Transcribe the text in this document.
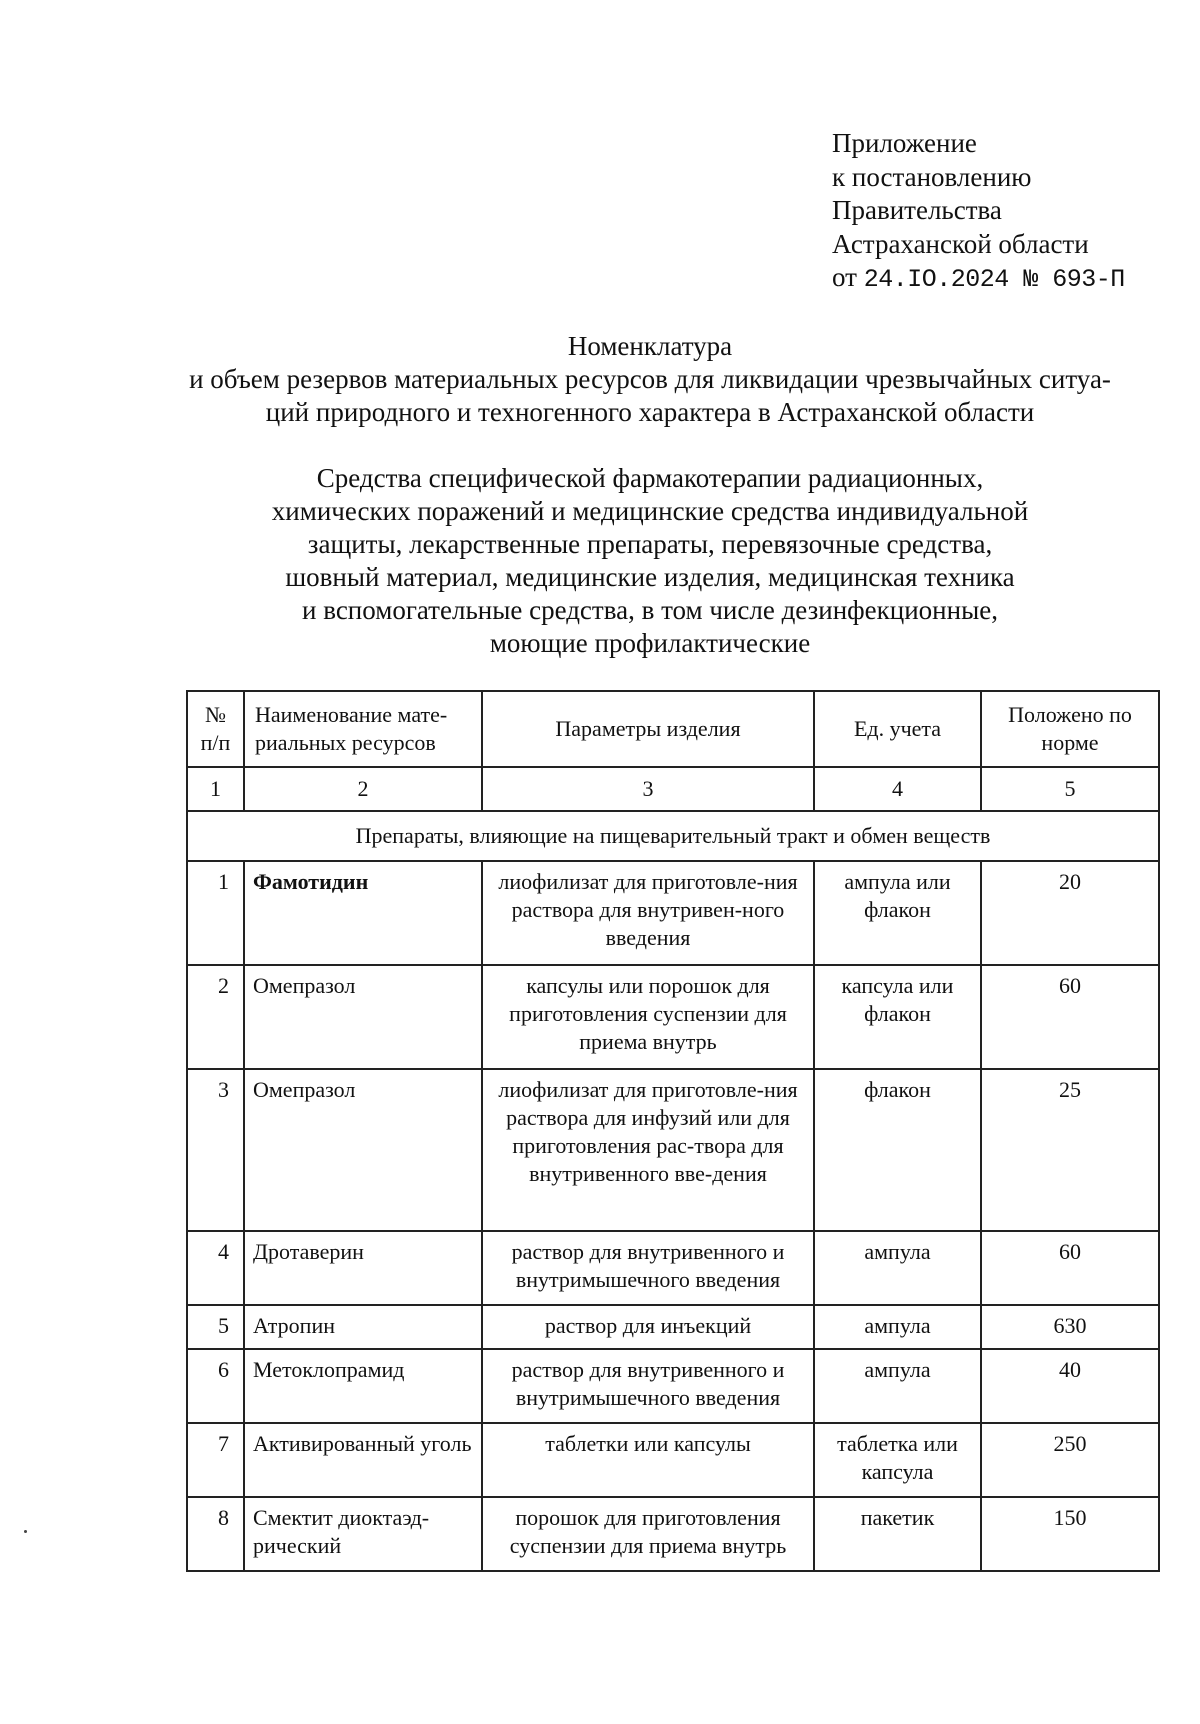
Приложение
к постановлению
Правительства
Астраханской области
от 24.IO.2024 № 693-П
Номенклатура
и объем резервов материальных ресурсов для ликвидации чрезвычайных ситуа-
ций природного и техногенного характера в Астраханской области
Средства специфической фармакотерапии радиационных,
химических поражений и медицинские средства индивидуальной
защиты, лекарственные препараты, перевязочные средства,
шовный материал, медицинские изделия, медицинская техника
и вспомогательные средства, в том числе дезинфекционные,
моющие профилактические
№ п/п	Наименование мате-риальных ресурсов	Параметры изделия	Ед. учета	Положено по норме
1	2	3	4	5
Препараты, влияющие на пищеварительный тракт и обмен веществ				
1	Фамотидин	лиофилизат для приготовле-ния раствора для внутривен-ного введения	ампула или флакон	20
2	Омепразол	капсулы или порошок для приготовления суспензии для приема внутрь	капсула или флакон	60
3	Омепразол	лиофилизат для приготовле-ния раствора для инфузий или для приготовления рас-твора для внутривенного вве-дения	флакон	25
4	Дротаверин	раствор для внутривенного и внутримышечного введения	ампула	60
5	Атропин	раствор для инъекций	ампула	630
6	Метоклопрамид	раствор для внутривенного и внутримышечного введения	ампула	40
7	Активированный уголь	таблетки или капсулы	таблетка или капсула	250
8	Смектит диоктаэд-рический	порошок для приготовления суспензии для приема внутрь	пакетик	150
